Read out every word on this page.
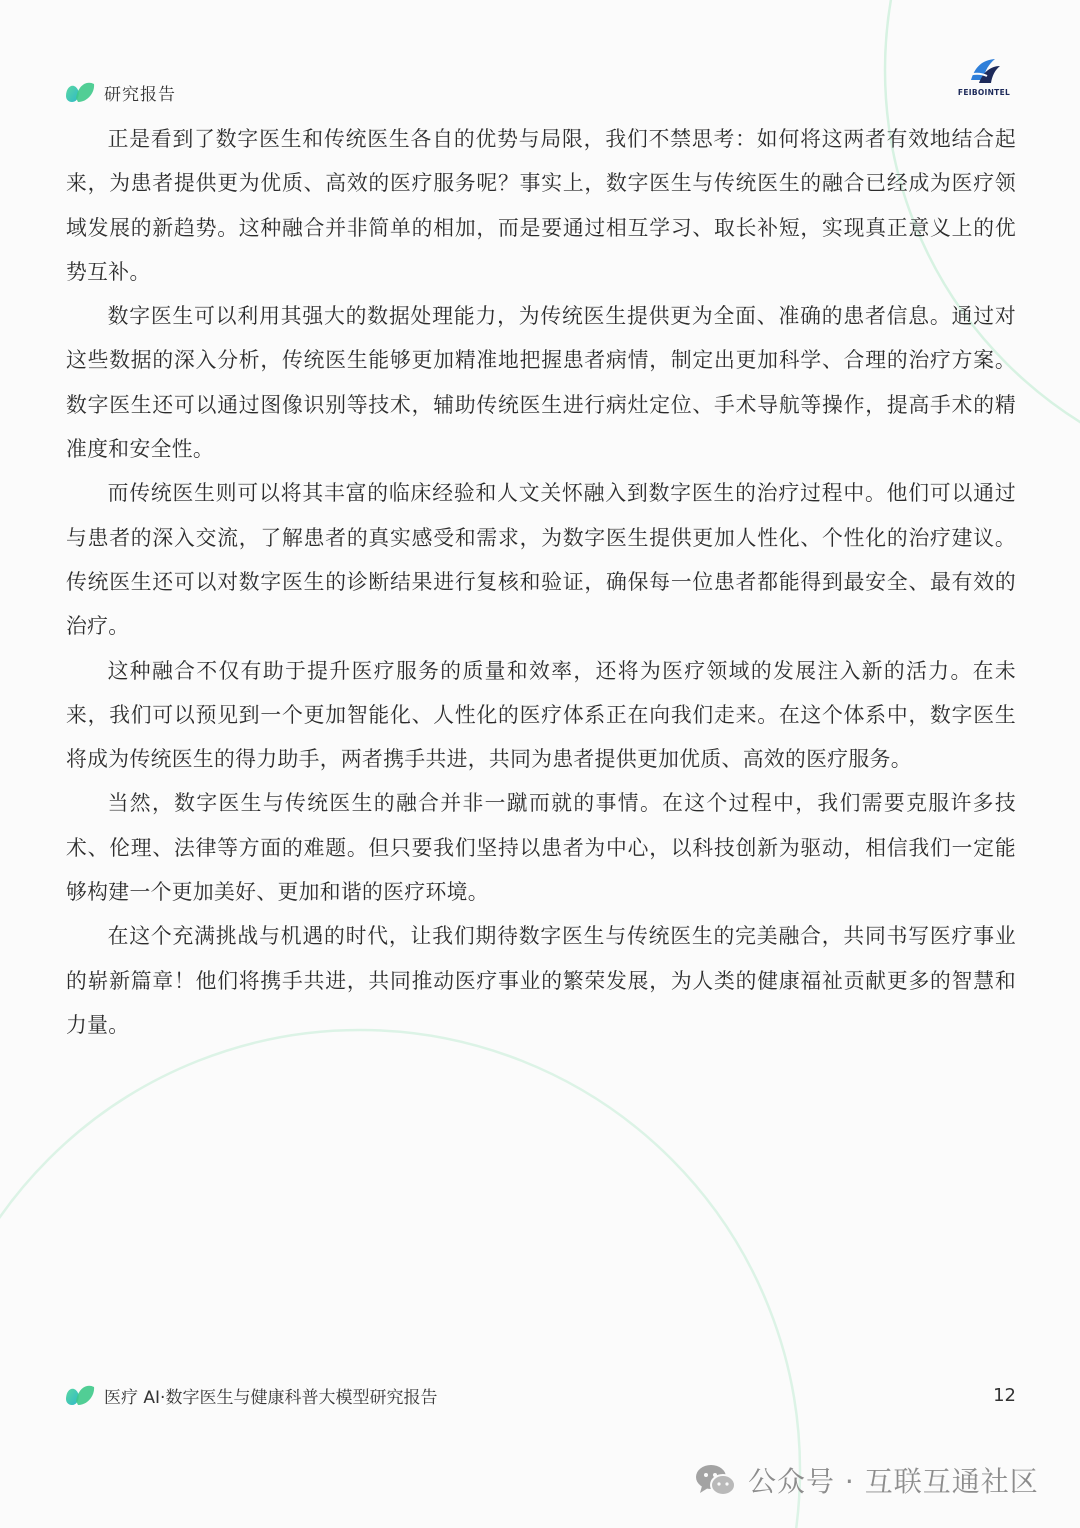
研究报告	FEIBOINTEL

正是看到了数字医生和传统医生各自的优势与局限，我们不禁思考：如何将这两者有效地结合起来，为患者提供更为优质、高效的医疗服务呢？事实上，数字医生与传统医生的融合已经成为医疗领域发展的新趋势。这种融合并非简单的相加，而是要通过相互学习、取长补短，实现真正意义上的优势互补。

数字医生可以利用其强大的数据处理能力，为传统医生提供更为全面、准确的患者信息。通过对这些数据的深入分析，传统医生能够更加精准地把握患者病情，制定出更加科学、合理的治疗方案。数字医生还可以通过图像识别等技术，辅助传统医生进行病灶定位、手术导航等操作，提高手术的精准度和安全性。

而传统医生则可以将其丰富的临床经验和人文关怀融入到数字医生的治疗过程中。他们可以通过与患者的深入交流，了解患者的真实感受和需求，为数字医生提供更加人性化、个性化的治疗建议。传统医生还可以对数字医生的诊断结果进行复核和验证，确保每一位患者都能得到最安全、最有效的治疗。

这种融合不仅有助于提升医疗服务的质量和效率，还将为医疗领域的发展注入新的活力。在未来，我们可以预见到一个更加智能化、人性化的医疗体系正在向我们走来。在这个体系中，数字医生将成为传统医生的得力助手，两者携手共进，共同为患者提供更加优质、高效的医疗服务。

当然，数字医生与传统医生的融合并非一蹴而就的事情。在这个过程中，我们需要克服许多技术、伦理、法律等方面的难题。但只要我们坚持以患者为中心，以科技创新为驱动，相信我们一定能够构建一个更加美好、更加和谐的医疗环境。

在这个充满挑战与机遇的时代，让我们期待数字医生与传统医生的完美融合，共同书写医疗事业的崭新篇章！他们将携手共进，共同推动医疗事业的繁荣发展，为人类的健康福祉贡献更多的智慧和力量。

医疗 AI·数字医生与健康科普大模型研究报告	12
公众号 · 互联互通社区
